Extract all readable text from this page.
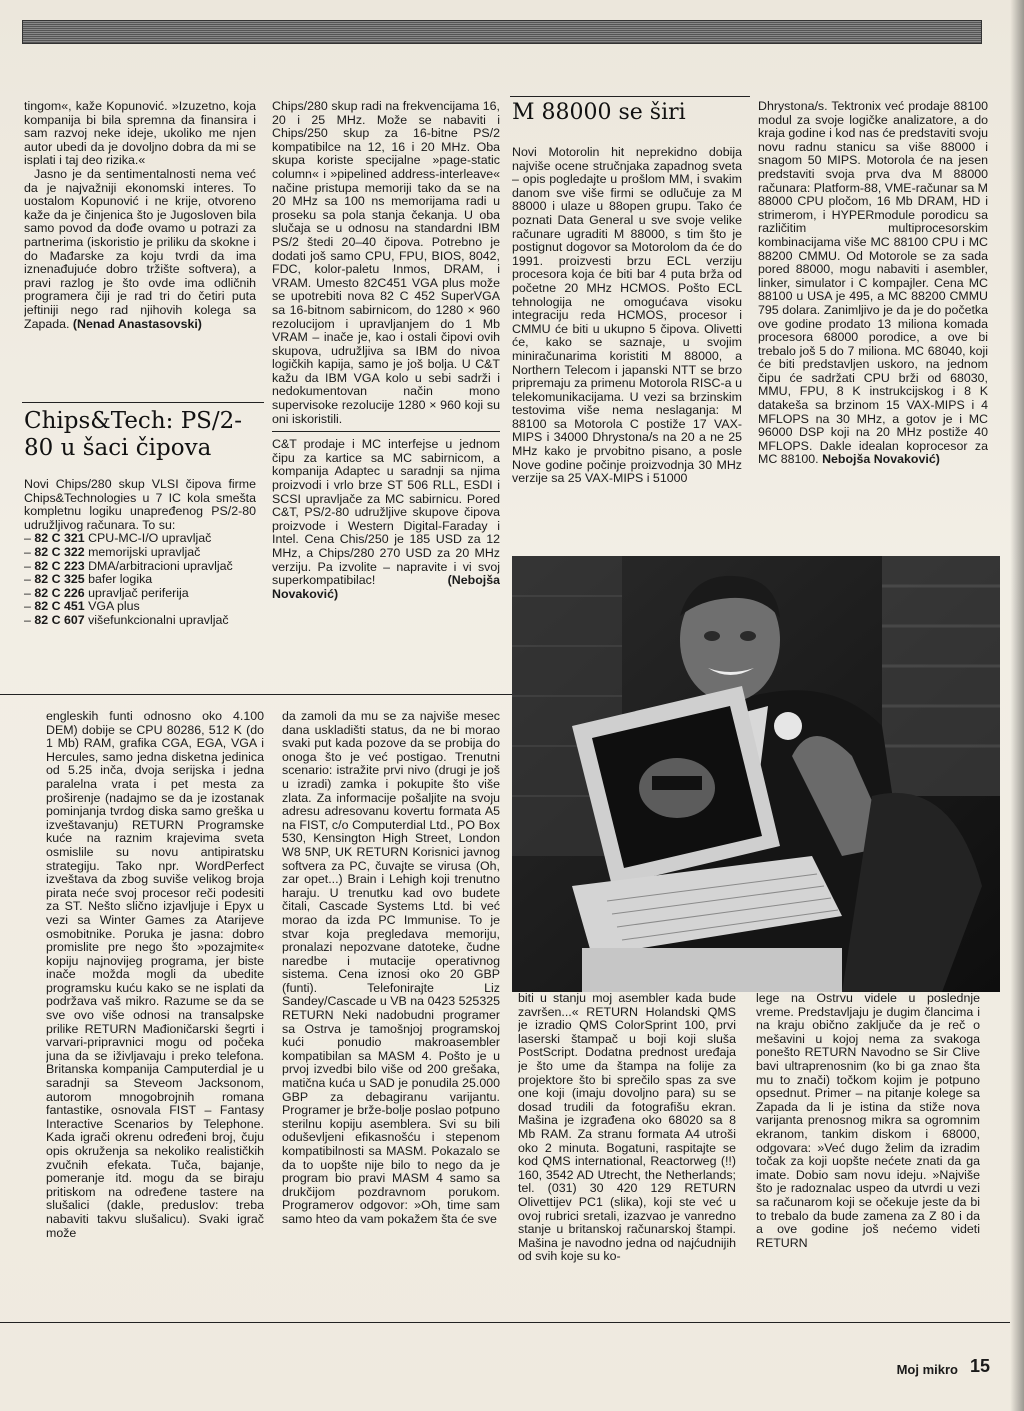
tingom«, kaže Kopunović. »Izuzetno, koja kompanija bi bila spremna da finansira i sam razvoj neke ideje, ukoliko me njen autor ubedi da je dovoljno dobra da mi se isplati i taj deo rizika.«

Jasno je da sentimentalnosti nema već da je najvažniji ekonomski interes. To uostalom Kopunović i ne krije, otvoreno kaže da je činjenica što je Jugosloven bila samo povod da dođe ovamo u potrazi za partnerima (iskoristio je priliku da skokne i do Mađarske za koju tvrdi da ima iznenađujuće dobro tržište softvera), a pravi razlog je što ovde ima odličnih programera čiji je rad tri do četiri puta jeftiniji nego rad njihovih kolega sa Zapada. (Nenad Anastasovski)

Chips&Tech: PS/2-80 u šaci čipova

Novi Chips/280 skup VLSI čipova firme Chips&Technologies u 7 IC kola smešta kompletnu logiku unapređenog PS/2-80 udružljivog računara. To su:

– 82 C 321 CPU-MC-I/O upravljač
– 82 C 322 memorijski upravljač
– 82 C 223 DMA/arbitracioni upravljač
– 82 C 325 bafer logika
– 82 C 226 upravljač periferija
– 82 C 451 VGA plus
– 82 C 607 višefunkcionalni upravljač

Chips/280 skup radi na frekvencijama 16, 20 i 25 MHz. Može se nabaviti i Chips/250 skup za 16-bitne PS/2 kompatibilce na 12, 16 i 20 MHz. Oba skupa koriste specijalne »page-static column« i »pipelined address-interleave« načine pristupa memoriji tako da se na 20 MHz sa 100 ns memorijama radi u proseku sa pola stanja čekanja. U oba slučaja se u odnosu na standardni IBM PS/2 štedi 20–40 čipova. Potrebno je dodati još samo CPU, FPU, BIOS, 8042, FDC, kolor-paletu Inmos, DRAM, i VRAM. Umesto 82C451 VGA plus može se upotrebiti nova 82 C 452 SuperVGA sa 16-bitnom sabirnicom, do 1280 × 960 rezolucijom i upravljanjem do 1 Mb VRAM – inače je, kao i ostali čipovi ovih skupova, udružljiva sa IBM do nivoa logičkih kapija, samo je još bolja. U C&T kažu da IBM VGA kolo u sebi sadrži i nedokumentovan način mono supervisoke rezolucije 1280 × 960 koji su oni iskoristili.

C&T prodaje i MC interfejse u jednom čipu za kartice sa MC sabirnicom, a kompanija Adaptec u saradnji sa njima proizvodi i vrlo brze ST 506 RLL, ESDI i SCSI upravljače za MC sabirnicu. Pored C&T, PS/2-80 udružljive skupove čipova proizvode i Western Digital-Faraday i Intel. Cena Chis/250 je 185 USD za 12 MHz, a Chips/280 270 USD za 20 MHz verziju. Pa izvolite – napravite i vi svoj superkompatibilac!	(Nebojša Novaković)

M 88000 se širi

Novi Motorolin hit neprekidno dobija najviše ocene stručnjaka zapadnog sveta – opis pogledajte u prošlom MM, i svakim danom sve više firmi se odlučuje za M 88000 i ulaze u 88open grupu. Tako će poznati Data General u sve svoje velike računare ugraditi M 88000, s tim što je postignut dogovor sa Motorolom da će do 1991. proizvesti brzu ECL verziju procesora koja će biti bar 4 puta brža od početne 20 MHz HCMOS. Pošto ECL tehnologija ne omogućava visoku integraciju reda HCMOS, procesor i CMMU će biti u ukupno 5 čipova. Olivetti će, kako se saznaje, u svojim minirаčunarima koristiti M 88000, a Northern Telecom i japanski NTT se brzo pripremaju za primenu Motorola RISC-a u telekomunikacijama. U vezi sa brzinskim testovima više nema neslaganja: M 88100 sa Motorola C postiže 17 VAX-MIPS i 34000 Dhrystona/s na 20 a ne 25 MHz kako je prvobitno pisano, a posle Nove godine počinje proizvodnja 30 MHz verzije sa 25 VAX-MIPS i 51000

Dhrystona/s. Tektronix već prodaje 88100 modul za svoje logičke analizatore, a do kraja godine i kod nas će predstaviti svoju novu radnu stanicu sa više 88000 i snagom 50 MIPS. Motorola će na jesen predstaviti svoja prva dva M 88000 računara: Platform-88, VME-računar sa M 88000 CPU pločom, 16 Mb DRAM, HD i strimerom, i HYPERmodule porodicu sa različitim multiprocesorskim kombinacijama više MC 88100 CPU i MC 88200 CMMU. Od Motorole se za sada pored 88000, mogu nabaviti i asembler, linker, simulator i C kompajler. Cena MC 88100 u USA je 495, a MC 88200 CMMU 795 dolara. Zanimljivo je da je do početka ove godine prodato 13 miliona komada procesora 68000 porodice, a ove bi trebalo još 5 do 7 miliona. MC 68040, koji će biti predstavljen uskoro, na jednom čipu će sadržati CPU brži od 68030, MMU, FPU, 8 K instrukcijskog i 8 K datakeša sa brzinom 15 VAX-MIPS i 4 MFLOPS na 30 MHz, a gotov je i MC 96000 DSP koji na 20 MHz postiže 40 MFLOPS. Dakle idealan koprocesor za MC 88100. Nebojša Novaković)

engleskih funti odnosno oko 4.100 DEM) dobije se CPU 80286, 512 K (do 1 Mb) RAM, grafika CGA, EGA, VGA i Hercules, samo jedna disketna jedinica od 5.25 inča, dvoja serijska i jedna paralelna vrata i pet mesta za proširenje (nadajmo se da je izostanak pominjanja tvrdog diska samo greška u izveštavanju) RETURN Programske kuće na raznim krajevima sveta osmislile su novu antipiratsku strategiju. Tako npr. WordPerfect izveštava da zbog suviše velikog broja pirata neće svoj procesor reči podesiti za ST. Nešto slično izjavljuje i Epyx u vezi sa Winter Games za Atarijeve osmobitnike. Poruka je jasna: dobro promislite pre nego što »pozajmite« kopiju najnovijeg programa, jer biste inače možda mogli da ubedite programsku kuću kako se ne isplati da podržava vaš mikro. Razume se da se sve ovo više odnosi na transalpske prilike RETURN Mađioničarski šegrti i varvari-pripravnici mogu od počeka juna da se iživljavaju i preko telefona. Britanska kompanija Camputerdial je u saradnji sa Steveom Jacksonom, autorom mnogobrojnih romana fantastike, osnovala FIST – Fantasy Interactive Scenarios by Telephone. Kada igrači okrenu određeni broj, čuju opis okruženja sa nekoliko realističkih zvučnih efekata. Tuča, bajanje, pomeranje itd. mogu da se biraju pritiskom na određene tastere na slušalici (dakle, preduslov: treba nabaviti takvu slušalicu). Svaki igrač može

da zamoli da mu se za najviše meseс dana uskladišti status, da ne bi morao svaki put kada pozove da se probija do onoga što je već postigao. Trenutni scenario: istražite prvi nivo (drugi je još u izradi) zamka i pokupite što više zlata. Za informacije pošaljite na svoju adresu adresovanu kovertu formata A5 na FIST, c/o Computerdial Ltd., PO Box 530, Kensington High Street, London W8 5NP, UK RETURN Korisnici javnog softvera za PC, čuvajte se virusa (Oh, zar opet...) Brain i Lehigh koji trenutno haraju. U trenutku kad ovo budete čitali, Cascade Systems Ltd. bi već morao da izda PC Immunise. To je stvar koja pregledava memoriju, pronalazi nepozvane datoteke, čudne naredbe i mutacije operativnog sistema. Cena iznosi oko 20 GBP (funti). Telefonirajte Liz Sandey/Cascade u VB na 0423 525325 RETURN Neki nadobudni programer sa Ostrva je tamošnjoj programskoj kući ponudio makroasembler kompatibilan sa MASM 4. Pošto je u prvoj izvedbi bilo više od 200 grešaka, matična kuća u SAD je ponudila 25.000 GBP za debagiranu varijantu. Programer je brže-bolje poslao potpuno sterilnu kopiju asemblera. Svi su bili oduševljeni efikasnošću i stepenom kompatibilnosti sa MASM. Pokazalo se da to uopšte nije bilo to nego da je program bio pravi MASM 4 samo sa drukčijom pozdravnom porukom. Programerov odgovor: »Oh, time sam samo hteo da vam pokažem šta će sve

biti u stanju moj asembler kada bude završen...« RETURN Holandski QMS je izradio QMS ColorSprint 100, prvi laserski štampač u boji koji sluša PostScript. Dodatna prednost uređaja je što ume da štampa na folije za projektore što bi sprečilo spas za sve one koji (imaju dovoljno para) su se dosad trudili da fotografišu ekran. Mašina je izgrađena oko 68020 sa 8 Mb RAM. Za stranu formata A4 utroši oko 2 minuta. Bogatuni, raspitajte se kod QMS international, Reactorweg (!!) 160, 3542 AD Utrecht, the Netherlands; tel. (031) 30 420 129 RETURN Olivettijev PC1 (slika), koji ste već u ovoj rubrici sretali, izazvao je vanredno stanje u britanskoj računarskoj štampi. Mašina je navodno jedna od najćudnijih od svih koje su ko-

lege na Ostrvu videle u poslednje vreme. Predstavljaju je dugim člancima i na kraju obično zaključe da je reč o mešavini u kojoj nema za svakoga ponešto RETURN Navodno se Sir Clive bavi ultraprenosnim (ko bi ga znao šta mu to znači) točkom kojim je potpuno opsednut. Primer – na pitanje kolege sa Zapada da li je istina da stiže nova varijanta prenosnog mikra sa ogromnim ekranom, tankim diskom i 68000, odgovara: »Već dugo želim da izradim točak za koji uopšte nećete znati da ga imate. Dobio sam novu ideju. »Najviše što je radoznalac uspeo da utvrdi u vezi sa računarom koji se očekuje jeste da bi to trebalo da bude zamena za Z 80 i da a ove godine još nećemo videti RETURN

Moj mikro 15
